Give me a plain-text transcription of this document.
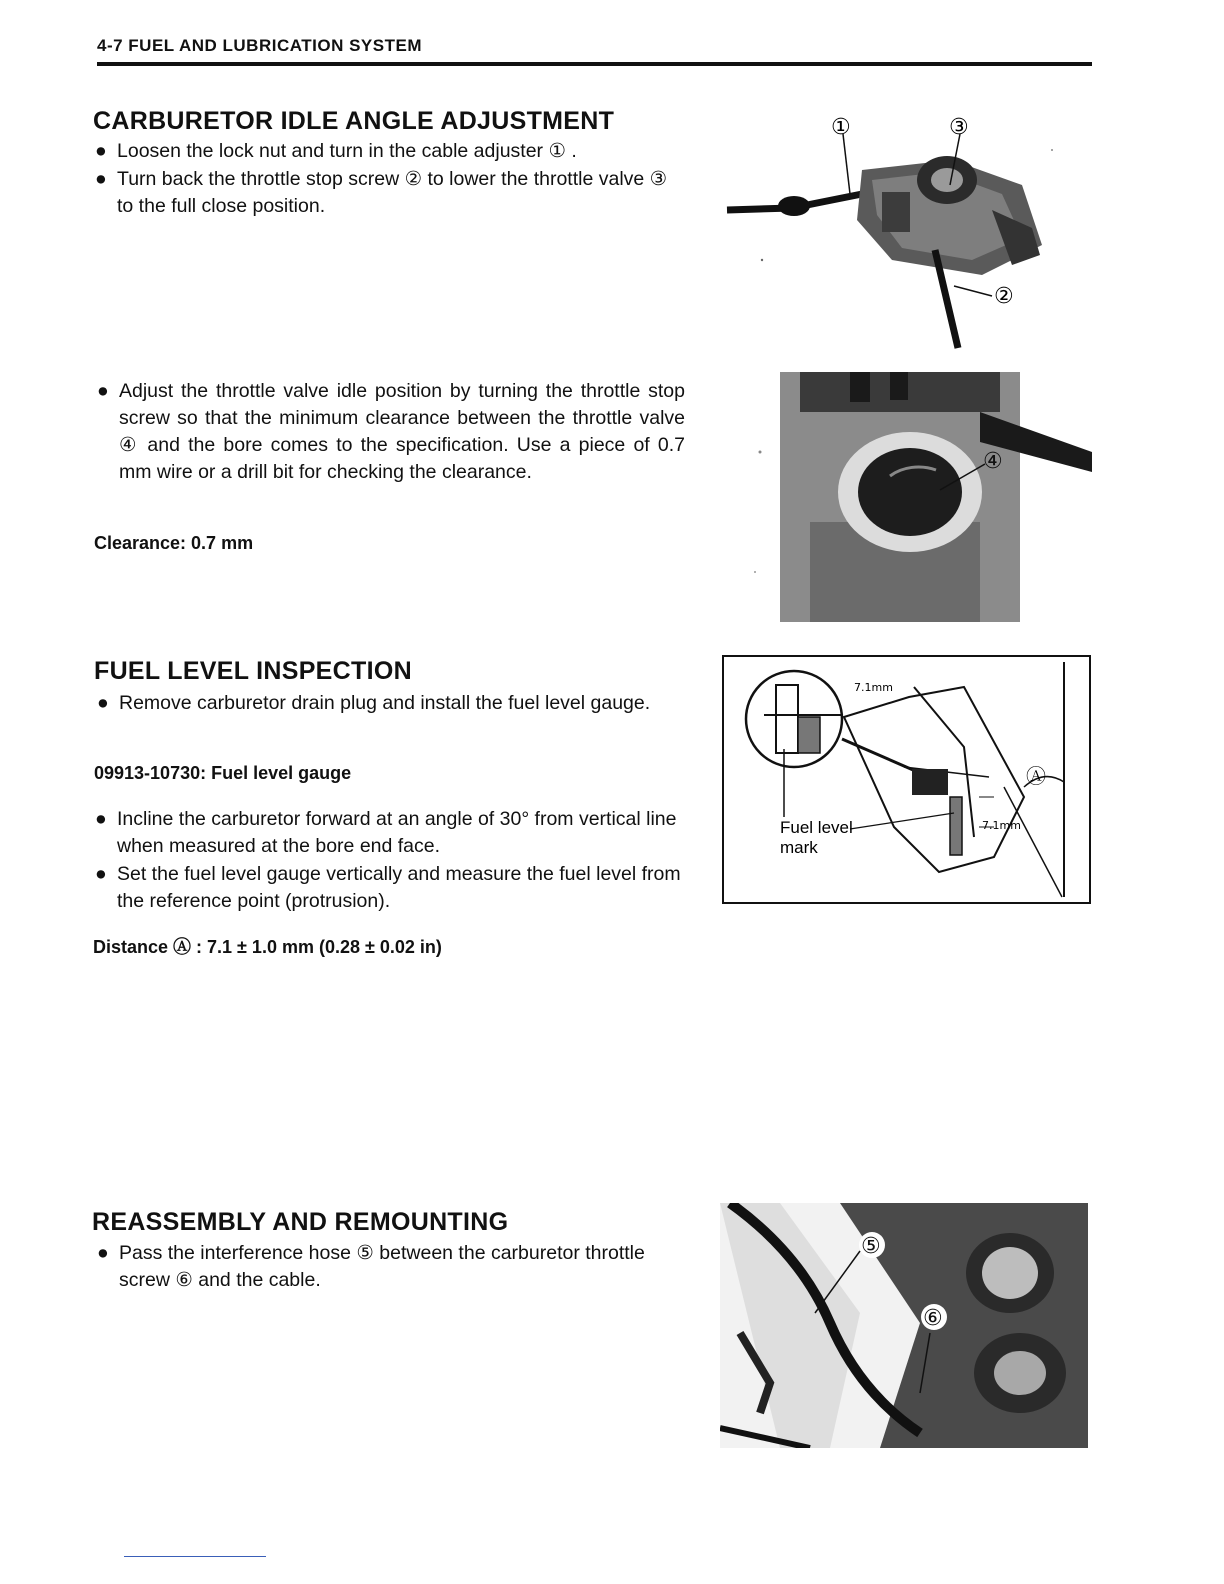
4-7 FUEL AND LUBRICATION SYSTEM
CARBURETOR IDLE ANGLE ADJUSTMENT
● Loosen the lock nut and turn in the cable adjuster ① .
● Turn back the throttle stop screw ② to lower the throttle valve ③ to the full close position.
● Adjust the throttle valve idle position by turning the throttle stop screw so that the minimum clearance between the throttle valve ④ and the bore comes to the specification. Use a piece of 0.7 mm wire or a drill bit for checking the clearance.
Clearance: 0.7 mm
①	③
②
④
FUEL LEVEL INSPECTION
● Remove carburetor drain plug and install the fuel level gauge.
09913-10730: Fuel level gauge
● Incline the carburetor forward at an angle of 30° from vertical line when measured at the bore end face.
● Set the fuel level gauge vertically and measure the fuel level from the reference point (protrusion).
Distance Ⓐ : 7.1 ± 1.0 mm (0.28 ± 0.02 in)
7.1mm
7.1mm
Ⓐ
Fuel level
mark
REASSEMBLY AND REMOUNTING
● Pass the interference hose ⑤ between the carburetor throttle screw ⑥ and the cable.
⑤
⑥
